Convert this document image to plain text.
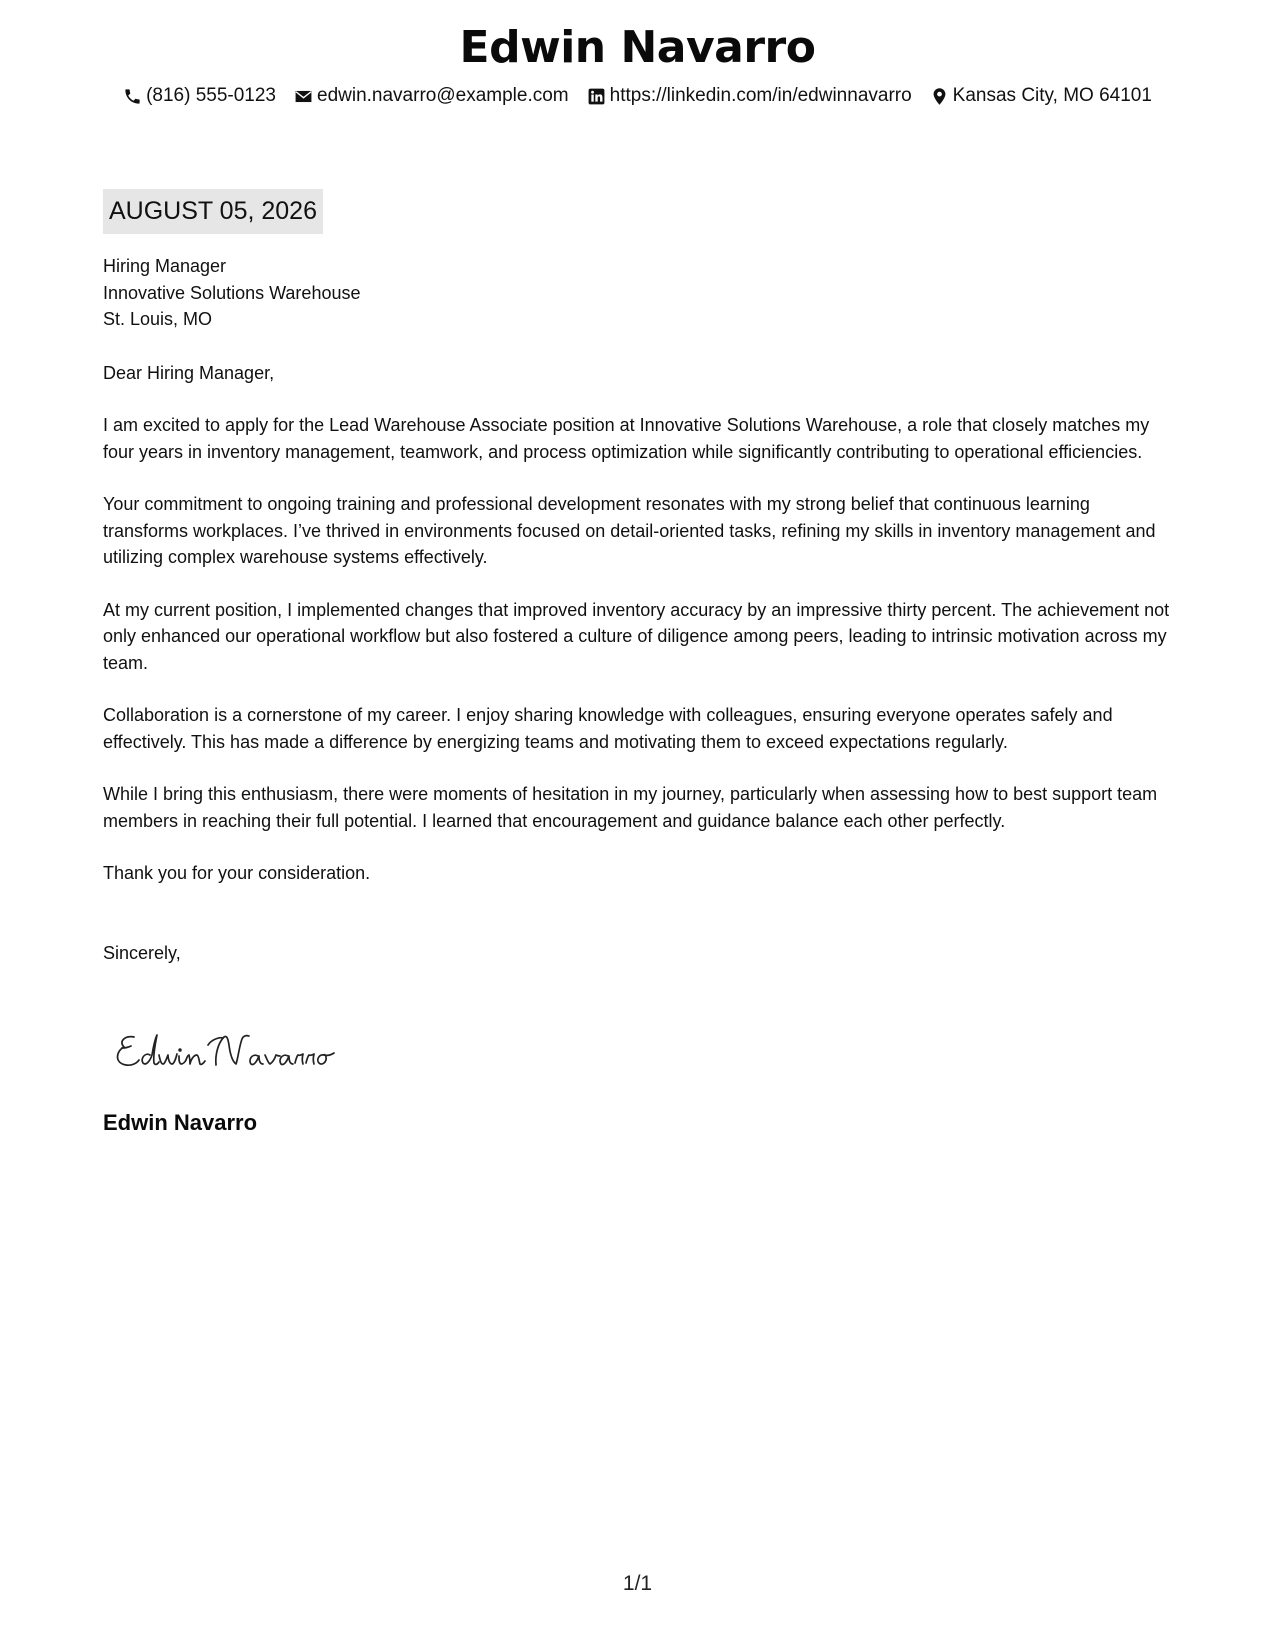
Edwin Navarro
(816) 555-0123 edwin.navarro@example.com https://linkedin.com/in/edwinnavarro Kansas City, MO 64101
AUGUST 05, 2026

Hiring Manager

Innovative Solutions Warehouse

St. Louis, MO

Dear Hiring Manager,

I am excited to apply for the Lead Warehouse Associate position at Innovative Solutions Warehouse, a role that closely matches my four years in inventory management, teamwork, and process optimization while significantly contributing to operational efficiencies.

Your commitment to ongoing training and professional development resonates with my strong belief that continuous learning transforms workplaces. I’ve thrived in environments focused on detail-oriented tasks, refining my skills in inventory management and utilizing complex warehouse systems effectively.

At my current position, I implemented changes that improved inventory accuracy by an impressive thirty percent. The achievement not only enhanced our operational workflow but also fostered a culture of diligence among peers, leading to intrinsic motivation across my team.

Collaboration is a cornerstone of my career. I enjoy sharing knowledge with colleagues, ensuring everyone operates safely and effectively. This has made a difference by energizing teams and motivating them to exceed expectations regularly.

While I bring this enthusiasm, there were moments of hesitation in my journey, particularly when assessing how to best support team members in reaching their full potential. I learned that encouragement and guidance balance each other perfectly.

Thank you for your consideration.

Sincerely,

Edwin Navarro
1/1
